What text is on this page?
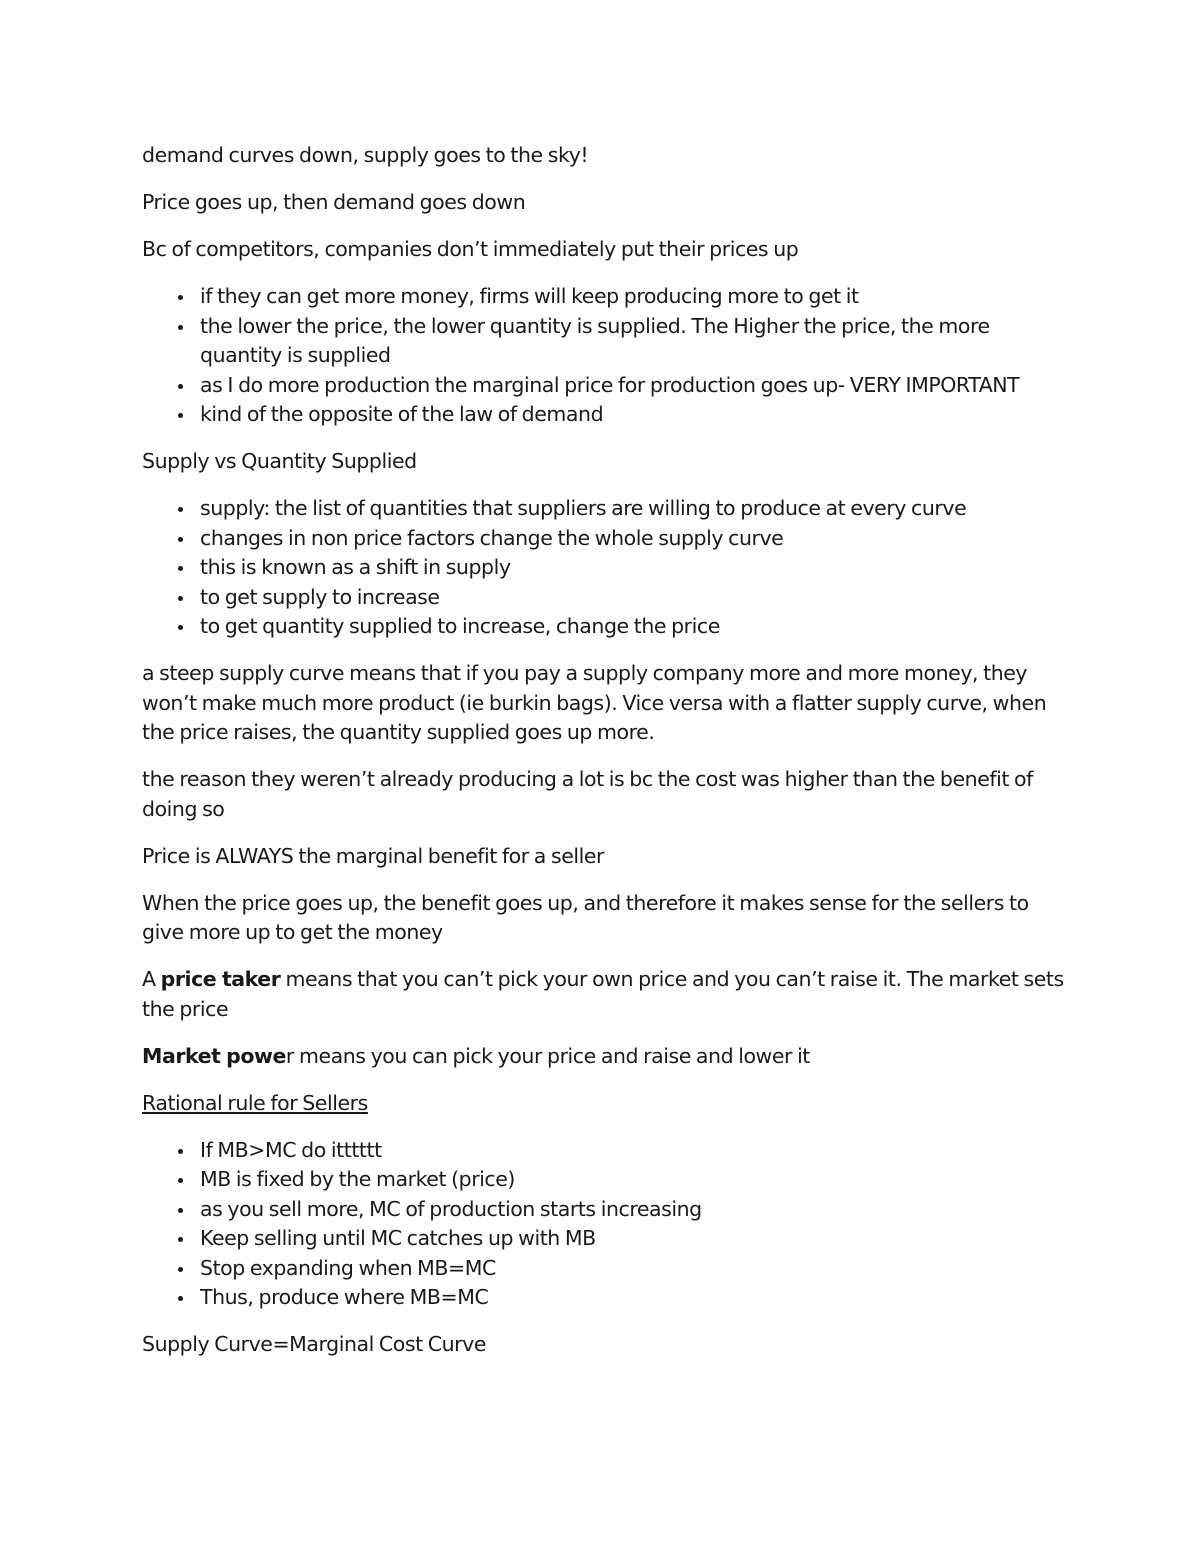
demand curves down, supply goes to the sky!

Price goes up, then demand goes down

Bc of competitors, companies don’t immediately put their prices up

if they can get more money, firms will keep producing more to get it
the lower the price, the lower quantity is supplied. The Higher the price, the more quantity is supplied
as I do more production the marginal price for production goes up- VERY IMPORTANT
kind of the opposite of the law of demand

Supply vs Quantity Supplied

supply: the list of quantities that suppliers are willing to produce at every curve
changes in non price factors change the whole supply curve
this is known as a shift in supply
to get supply to increase
to get quantity supplied to increase, change the price

a steep supply curve means that if you pay a supply company more and more money, they won’t make much more product (ie burkin bags). Vice versa with a flatter supply curve, when the price raises, the quantity supplied goes up more.

the reason they weren’t already producing a lot is bc the cost was higher than the benefit of doing so

Price is ALWAYS the marginal benefit for a seller

When the price goes up, the benefit goes up, and therefore it makes sense for the sellers to give more up to get the money

A price taker means that you can’t pick your own price and you can’t raise it. The market sets the price

Market power means you can pick your price and raise and lower it

Rational rule for Sellers

If MB>MC do itttttt
MB is fixed by the market (price)
as you sell more, MC of production starts increasing
Keep selling until MC catches up with MB
Stop expanding when MB=MC
Thus, produce where MB=MC

Supply Curve=Marginal Cost Curve
